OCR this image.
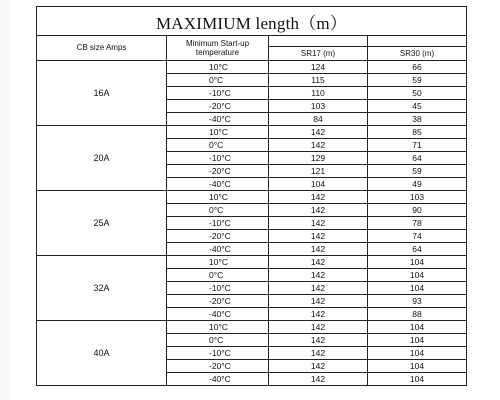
MAXIMIUM length（m）			
CB size Amps	Minimum Start-up temperature		
		SR17 (m)	SR30 (m)
16A	10°C	124	66
	0°C	115	59
	-10°C	110	50
	-20°C	103	45
	-40°C	84	38
20A	10°C	142	85
	0°C	142	71
	-10°C	129	64
	-20°C	121	59
	-40°C	104	49
25A	10°C	142	103
	0°C	142	90
	-10°C	142	78
	-20°C	142	74
	-40°C	142	64
32A	10°C	142	104
	0°C	142	104
	-10°C	142	104
	-20°C	142	93
	-40°C	142	88
40A	10°C	142	104
	0°C	142	104
	-10°C	142	104
	-20°C	142	104
	-40°C	142	104
